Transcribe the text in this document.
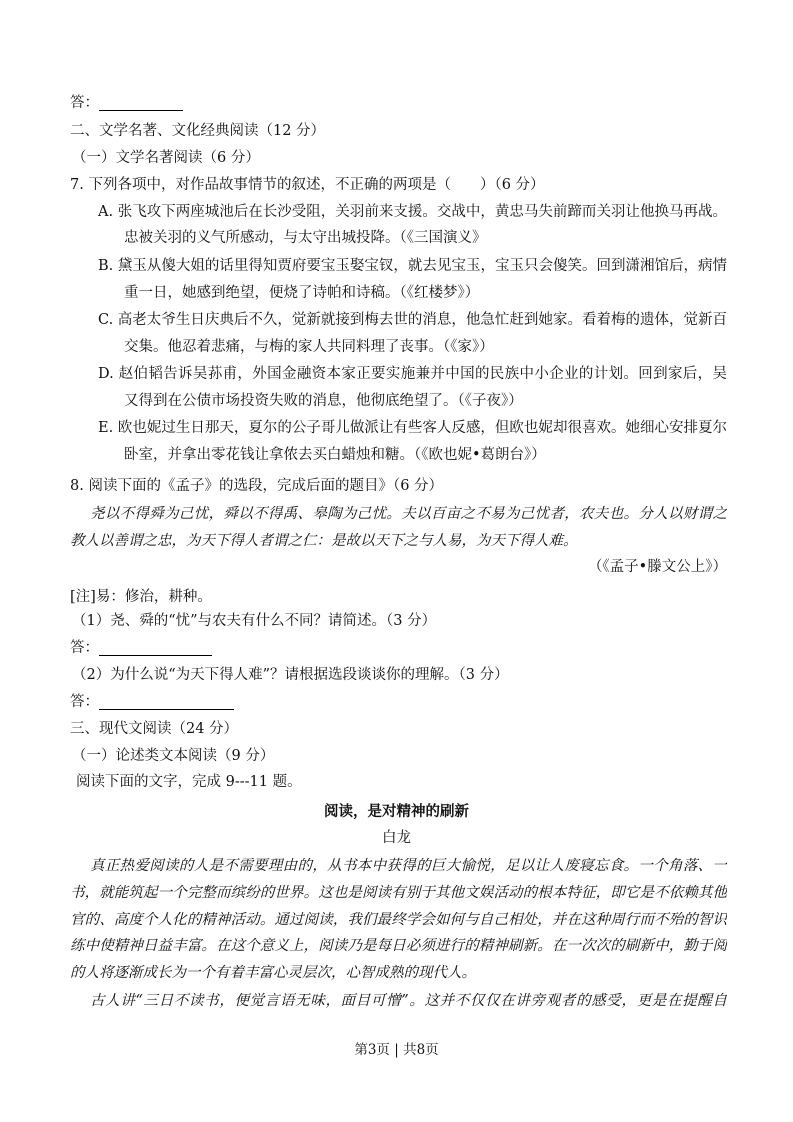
答：
二、文学名著、文化经典阅读（12 分）
（一）文学名著阅读（6 分）
7. 下列各项中，对作品故事情节的叙述，不正确的两项是（　　）（6 分）
A. 张飞攻下两座城池后在长沙受阻，关羽前来支援。交战中，黄忠马失前蹄而关羽让他换马再战。
忠被关羽的义气所感动，与太守出城投降。（《三国演义》
B. 黛玉从傻大姐的话里得知贾府要宝玉娶宝钗，就去见宝玉，宝玉只会傻笑。回到潇湘馆后，病情
重一日，她感到绝望，便烧了诗帕和诗稿。（《红楼梦》）
C. 高老太爷生日庆典后不久，觉新就接到梅去世的消息，他急忙赶到她家。看着梅的遗体，觉新百
交集。他忍着悲痛，与梅的家人共同料理了丧事。（《家》）
D. 赵伯韬告诉吴荪甫，外国金融资本家正要实施兼并中国的民族中小企业的计划。回到家后，吴
又得到在公债市场投资失败的消息，他彻底绝望了。（《子夜》）
E. 欧也妮过生日那天，夏尔的公子哥儿做派让有些客人反感，但欧也妮却很喜欢。她细心安排夏尔
卧室，并拿出零花钱让拿侬去买白蜡烛和糖。（《欧也妮•葛朗台》）
8. 阅读下面的《孟子》的选段，完成后面的题目》（6 分）
尧以不得舜为己忧，舜以不得禹、皋陶为己忧。夫以百亩之不易为己忧者，农夫也。分人以财谓之
教人以善谓之忠，为天下得人者谓之仁：是故以天下之与人易，为天下得人难。
（《孟子•滕文公上》）
[注]易：修治，耕种。
（1）尧、舜的“忧”与农夫有什么不同？请简述。（3 分）
答：
（2）为什么说“为天下得人难”？请根据选段谈谈你的理解。（3 分）
答：
三、现代文阅读（24 分）
（一）论述类文本阅读（9 分）
阅读下面的文字，完成 9---11 题。
阅读，是对精神的刷新
白龙
真正热爱阅读的人是不需要理由的，从书本中获得的巨大愉悦，足以让人废寝忘食。一个角落、一
书，就能筑起一个完整而缤纷的世界。这也是阅读有别于其他文娱活动的根本特征，即它是不依赖其他
官的、高度个人化的精神活动。通过阅读，我们最终学会如何与自己相处，并在这种周行而不殆的智识
练中使精神日益丰富。在这个意义上，阅读乃是每日必须进行的精神刷新。在一次次的刷新中，勤于阅
的人将逐渐成长为一个有着丰富心灵层次，心智成熟的现代人。
古人讲“三日不读书，便觉言语无味，面目可憎”。这并不仅仅在讲旁观者的感受，更是在提醒自
第3页 | 共8页
